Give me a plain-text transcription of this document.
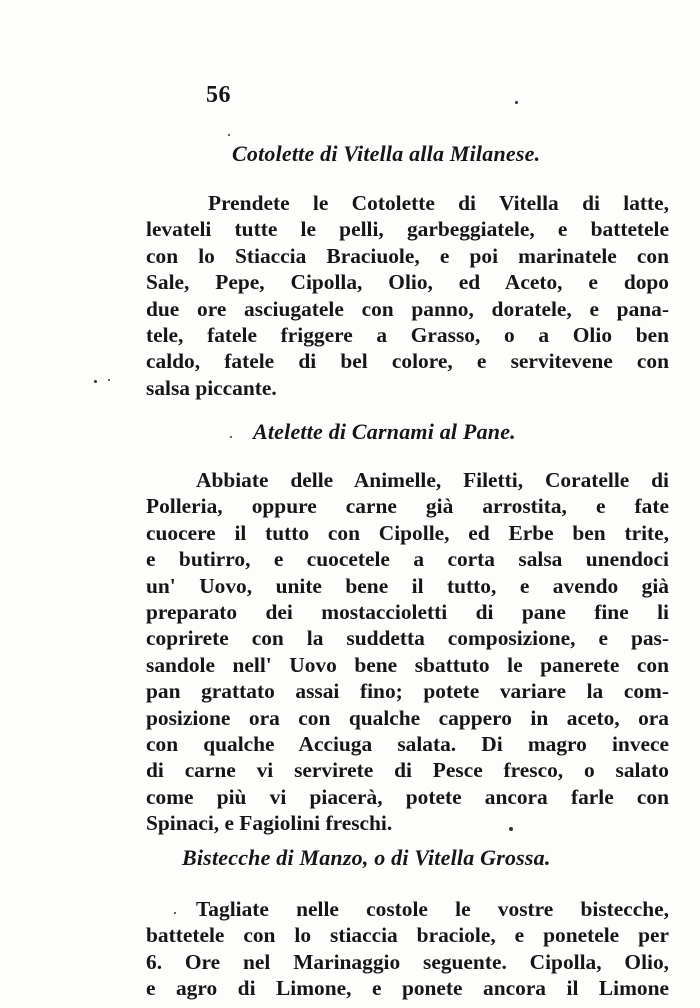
56
Cotolette di Vitella alla Milanese.
Prendete le Cotolette di Vitella di latte,
levateli tutte le pelli, garbeggiatele, e battetele
con lo Stiaccia Braciuole, e poi marinatele con
Sale, Pepe, Cipolla, Olio, ed Aceto, e dopo
due ore asciugatele con panno, doratele, e pana-
tele, fatele friggere a Grasso, o a Olio ben
caldo, fatele di bel colore, e servitevene con
salsa piccante.
Atelette di Carnami al Pane.
Abbiate delle Animelle, Filetti, Coratelle di
Polleria, oppure carne già arrostita, e fate
cuocere il tutto con Cipolle, ed Erbe ben trite,
e butirro, e cuocetele a corta salsa unendoci
un' Uovo, unite bene il tutto, e avendo già
preparato dei mostaccioletti di pane fine li
coprirete con la suddetta composizione, e pas-
sandole nell' Uovo bene sbattuto le panerete con
pan grattato assai fino; potete variare la com-
posizione ora con qualche cappero in aceto, ora
con qualche Acciuga salata. Di magro invece
di carne vi servirete di Pesce fresco, o salato
come più vi piacerà, potete ancora farle con
Spinaci, e Fagiolini freschi.
Bistecche di Manzo, o di Vitella Grossa.
Tagliate nelle costole le vostre bistecche,
battetele con lo stiaccia braciole, e ponetele per
6. Ore nel Marinaggio seguente. Cipolla, Olio,
e agro di Limone, e ponete ancora il Limone
